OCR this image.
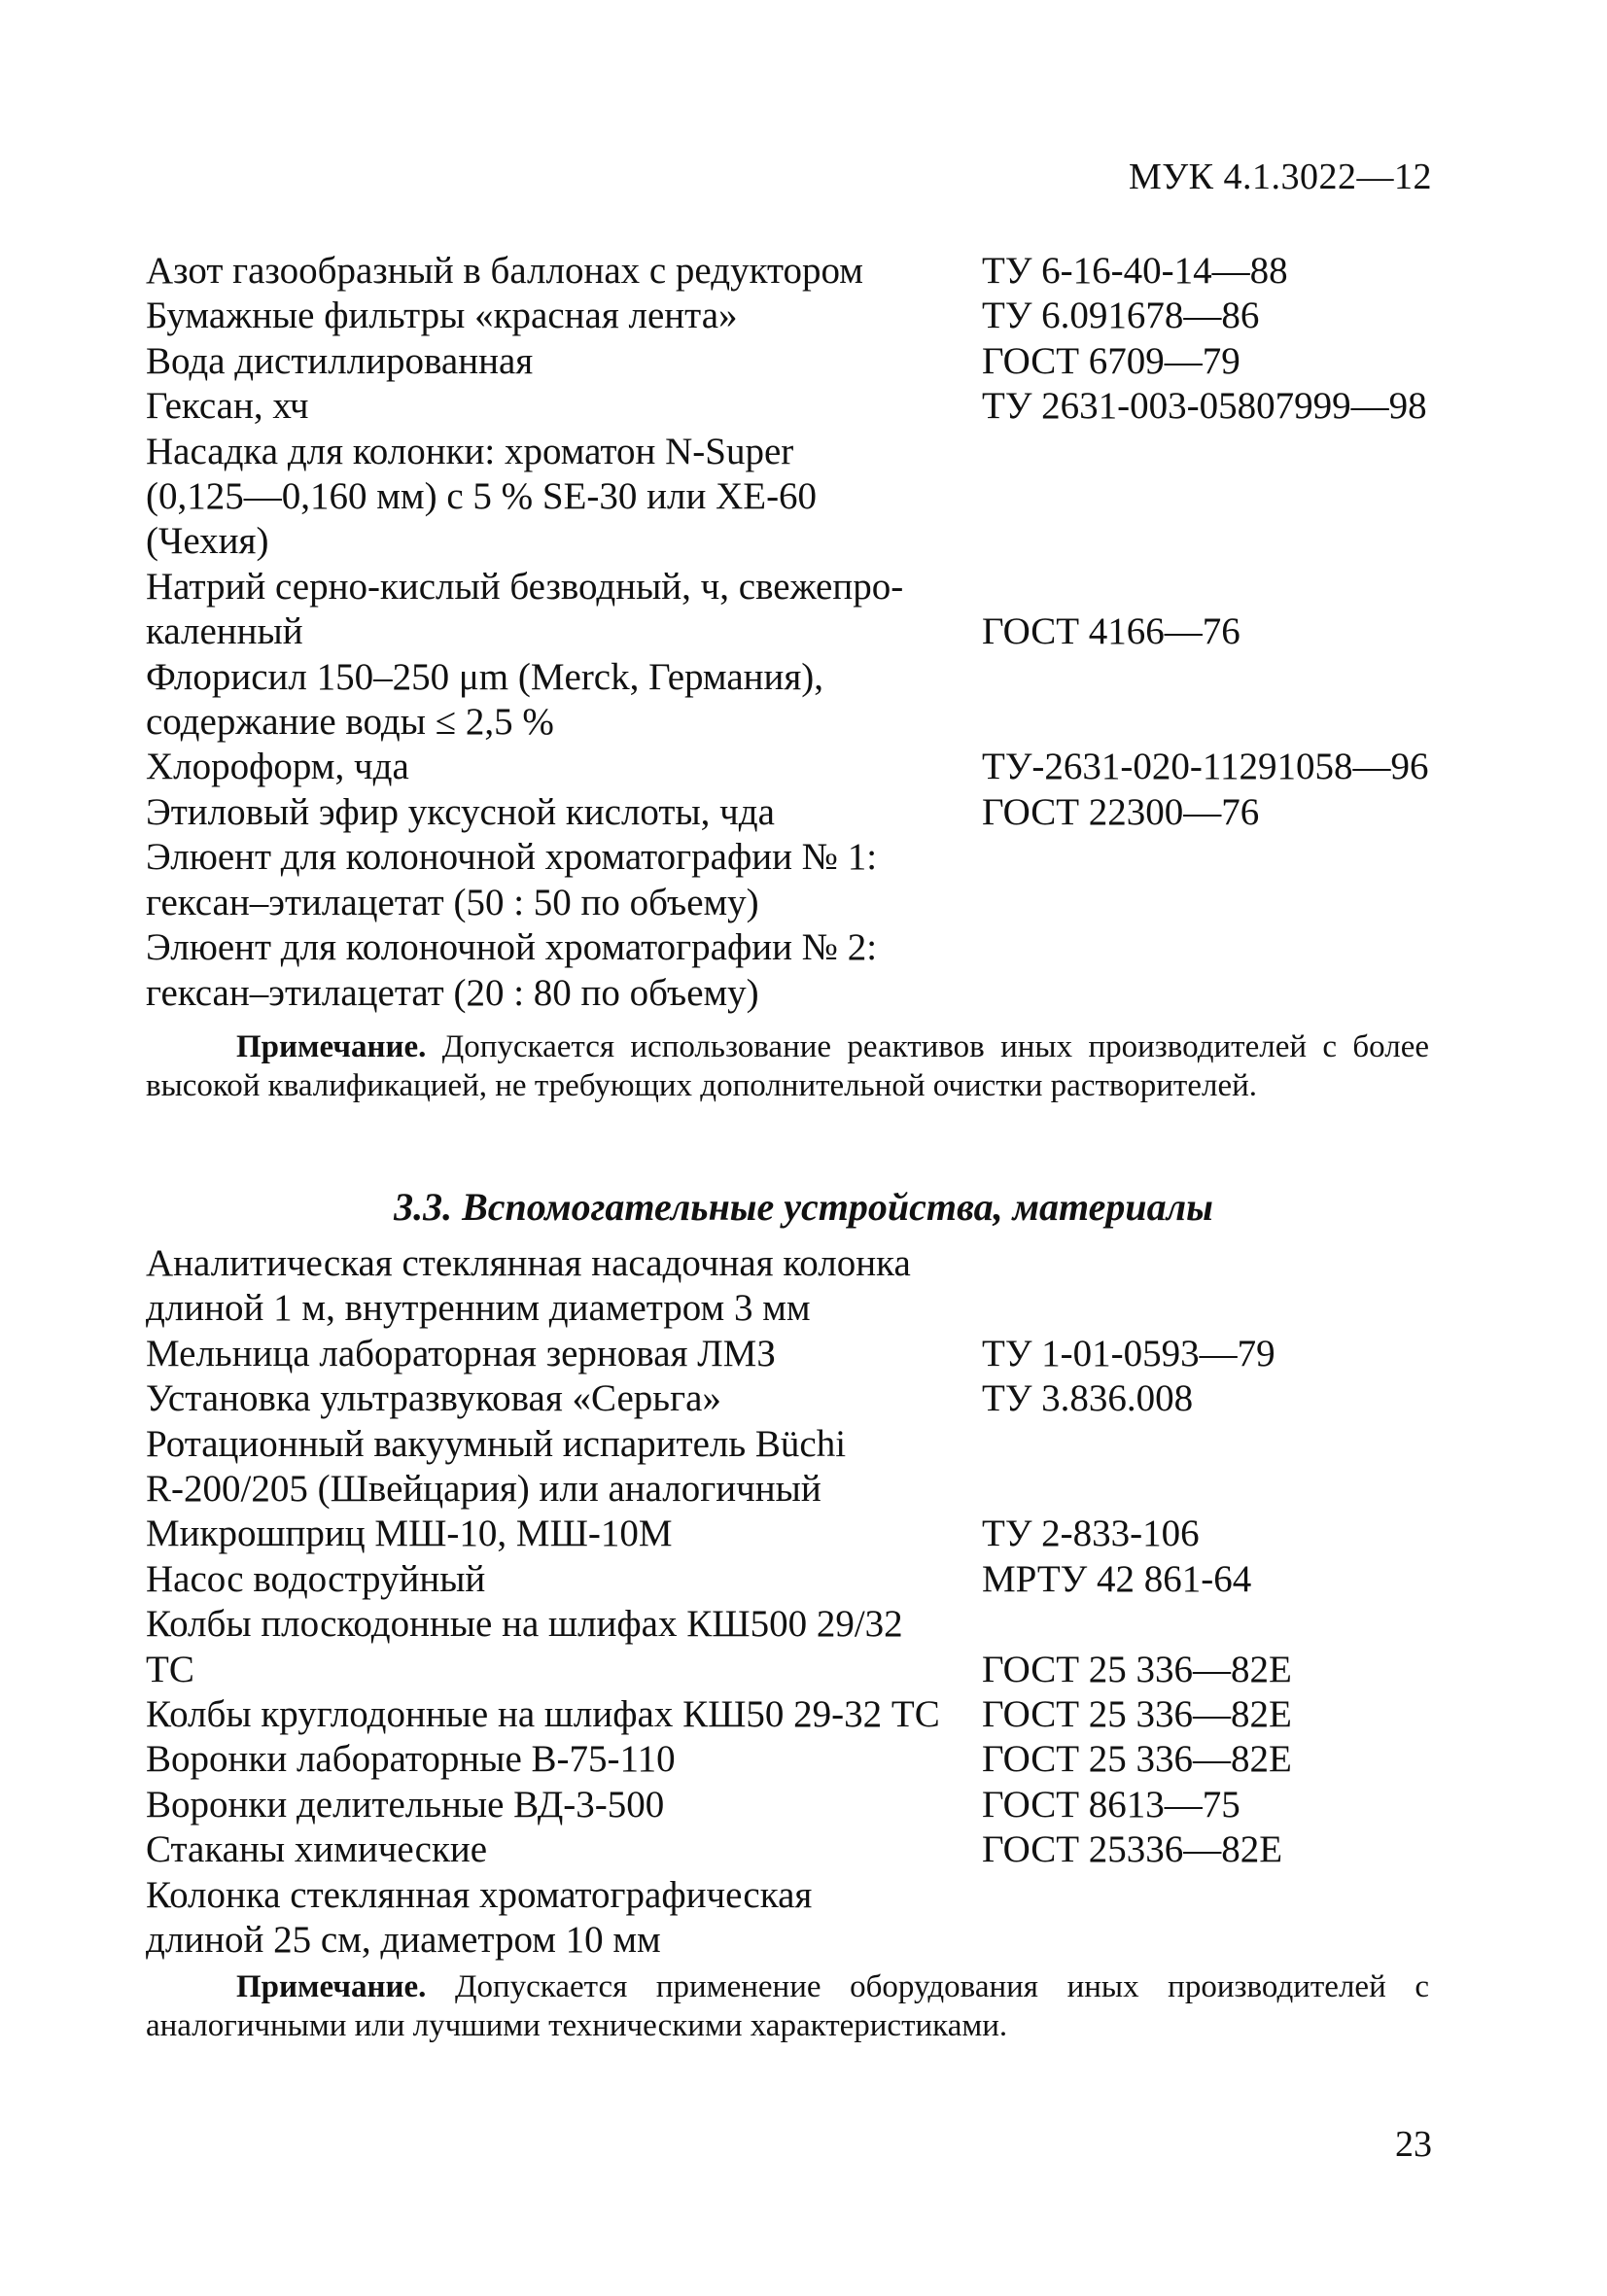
МУК 4.1.3022—12
Азот газообразный в баллонах с редуктором	ТУ 6-16-40-14—88
Бумажные фильтры «красная лента»	ТУ 6.091678—86
Вода дистиллированная	ГОСТ 6709—79
Гексан, хч	ТУ 2631-003-05807999—98
Насадка для колонки: хроматон N-Super
(0,125—0,160 мм) с 5 % SE-30 или XE-60
(Чехия)
Натрий серно-кислый безводный, ч, свежепро-
каленный	ГОСТ 4166—76
Флорисил 150–250 μm (Merck, Германия),
содержание воды ≤ 2,5 %
Хлороформ, чда	ТУ-2631-020-11291058—96
Этиловый эфир уксусной кислоты, чда	ГОСТ 22300—76
Элюент для колоночной хроматографии № 1:
гексан–этилацетат (50 : 50 по объему)
Элюент для колоночной хроматографии № 2:
гексан–этилацетат (20 : 80 по объему)

Примечание. Допускается использование реактивов иных производителей с более высокой квалификацией, не требующих дополнительной очистки растворителей.

3.3. Вспомогательные устройства, материалы
Аналитическая стеклянная насадочная колонка
длиной 1 м, внутренним диаметром 3 мм
Мельница лабораторная зерновая ЛМЗ	ТУ 1-01-0593—79
Установка ультразвуковая «Серьга»	ТУ 3.836.008
Ротационный вакуумный испаритель Büchi
R-200/205 (Швейцария) или аналогичный
Микрошприц МШ-10, МШ-10М	ТУ 2-833-106
Насос водоструйный	МРТУ 42 861-64
Колбы плоскодонные на шлифах КШ500 29/32
ТС	ГОСТ 25 336—82Е
Колбы круглодонные на шлифах КШ50 29-32 ТС	ГОСТ 25 336—82Е
Воронки лабораторные В-75-110	ГОСТ 25 336—82Е
Воронки делительные ВД-3-500	ГОСТ 8613—75
Стаканы химические	ГОСТ 25336—82Е
Колонка стеклянная хроматографическая
длиной 25 см, диаметром 10 мм

Примечание. Допускается применение оборудования иных производителей с аналогичными или лучшими техническими характеристиками.

23
